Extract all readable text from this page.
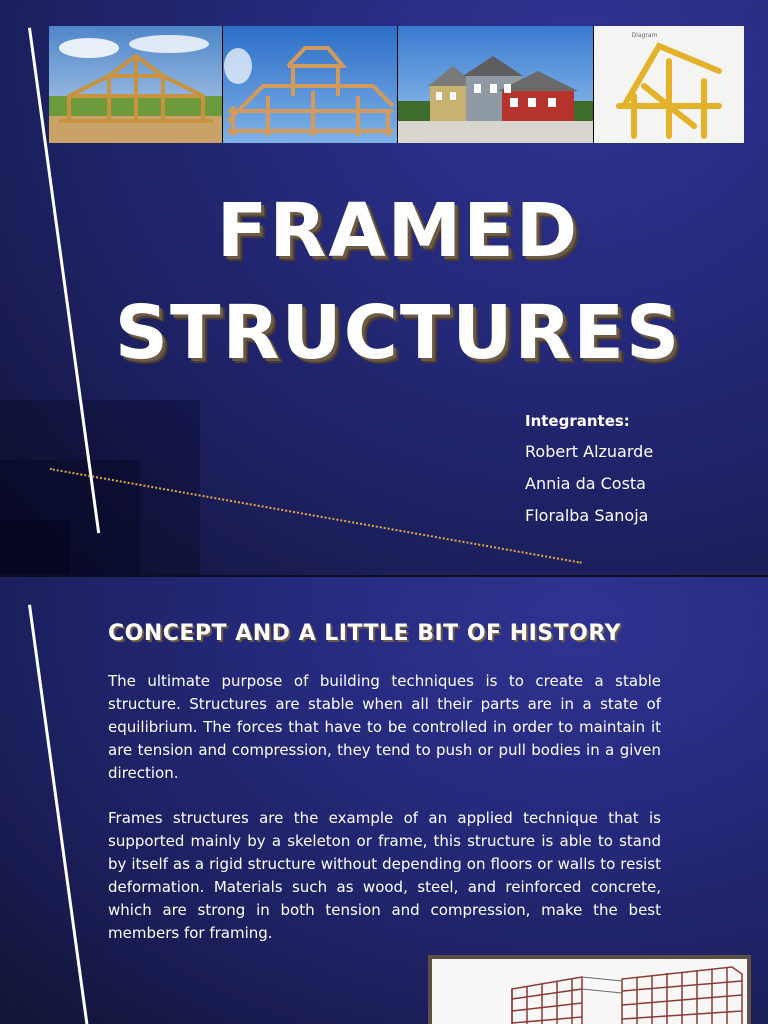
Diagram
FRAMED
STRUCTURES
Integrantes:
Robert Alzuarde
Annia da Costa
Floralba Sanoja
CONCEPT AND A LITTLE BIT OF HISTORY

The ultimate purpose of building techniques is to create a stable structure. Structures are stable when all their parts are in a state of equilibrium. The forces that have to be controlled in order to maintain it are tension and compression, they tend to push or pull bodies in a given direction.

Frames structures are the example of an applied technique that is supported mainly by a skeleton or frame, this structure is able to stand by itself as a rigid structure without depending on floors or walls to resist deformation. Materials such as wood, steel, and reinforced concrete, which are strong in both tension and compression, make the best members for framing.
